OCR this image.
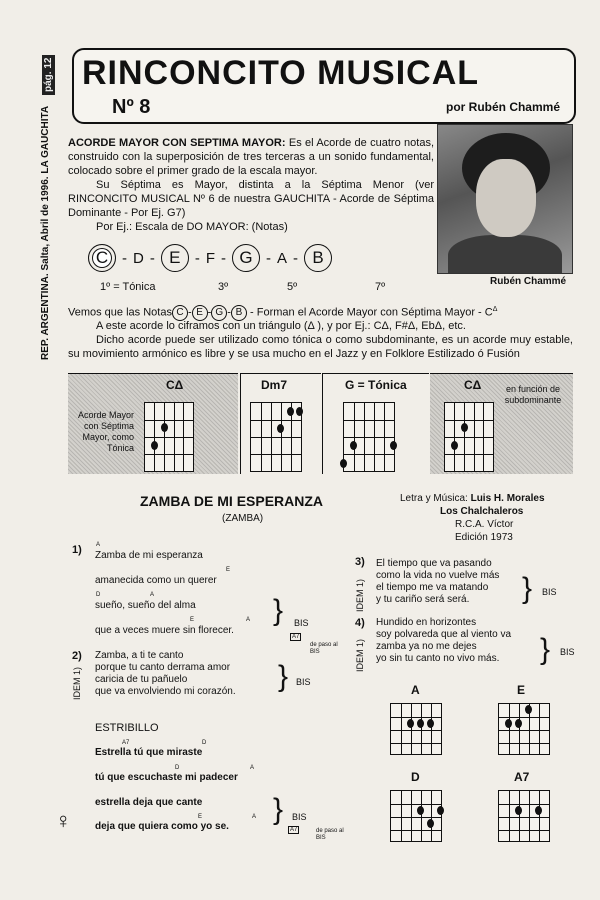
pág. 12
REP. ARGENTINA. Salta, Abril de 1996. LA GAUCHITA
RINCONCITO MUSICAL
Nº 8	por Rubén Chammé
Rubén Chammé
ACORDE MAYOR CON SEPTIMA MAYOR: Es el Acorde de cuatro notas, construido con la superposición de tres terceras a un sonido fundamental, colocado sobre el primer grado de la escala mayor.
Su Séptima es Mayor, distinta a la Séptima Menor (ver RINCONCITO MUSICAL Nº 6 de nuestra GAUCHITA - Acorde de Séptima Dominante - Por Ej. G7)
Por Ej.: Escala de DO MAYOR: (Notas)
C - D - E - F - G - A - B
1º = Tónica	3º	5º	7º
Vemos que las Notas C - E - G - B - Forman el Acorde Mayor con Séptima Mayor - $C^\Delta$
A este acorde lo ciframos con un triángulo (Δ ), y por Ej.: CΔ, F#Δ, EbΔ, etc.
Dicho acorde puede ser utilizado como tónica o como subdominante, es un acorde muy estable, su movimiento armónico es libre y se usa mucho en el Jazz y en Folklore Estilizado ó Fusión
CΔ
Acorde Mayor con Séptima Mayor, como Tónica
Dm7	G = Tónica	CΔ	en función de subdominante
ZAMBA DE MI ESPERANZA
(ZAMBA)
Letra y Música: Luis H. Morales
Los Chalchaleros
R.C.A. Víctor
Edición 1973
1) A
Zamba de mi esperanza
E
amanecida como un querer
D	A
sueño, sueño del alma
E	A
que a veces muere sin florecer.
} BIS
A7
de paso al BIS
2)
IDEM 1)
Zamba, a ti te canto
porque tu canto derrama amor
caricia de tu pañuelo
que va envolviendo mi corazón. } BIS
ESTRIBILLO
A7	D
Estrella tú que miraste
D	A
tú que escuchaste mi padecer
estrella deja que cante
E	A
deja que quiera como yo se.
} BIS
A7	de paso al BIS
♀
3)
IDEM 1)
El tiempo que va pasando
como la vida no vuelve más
el tiempo me va matando
y tu cariño será será. } BIS
4)
IDEM 1)
Hundido en horizontes
soy polvareda que al viento va
zamba ya no me dejes
yo sin tu canto no vivo más. } BIS
A	E
D	A7
